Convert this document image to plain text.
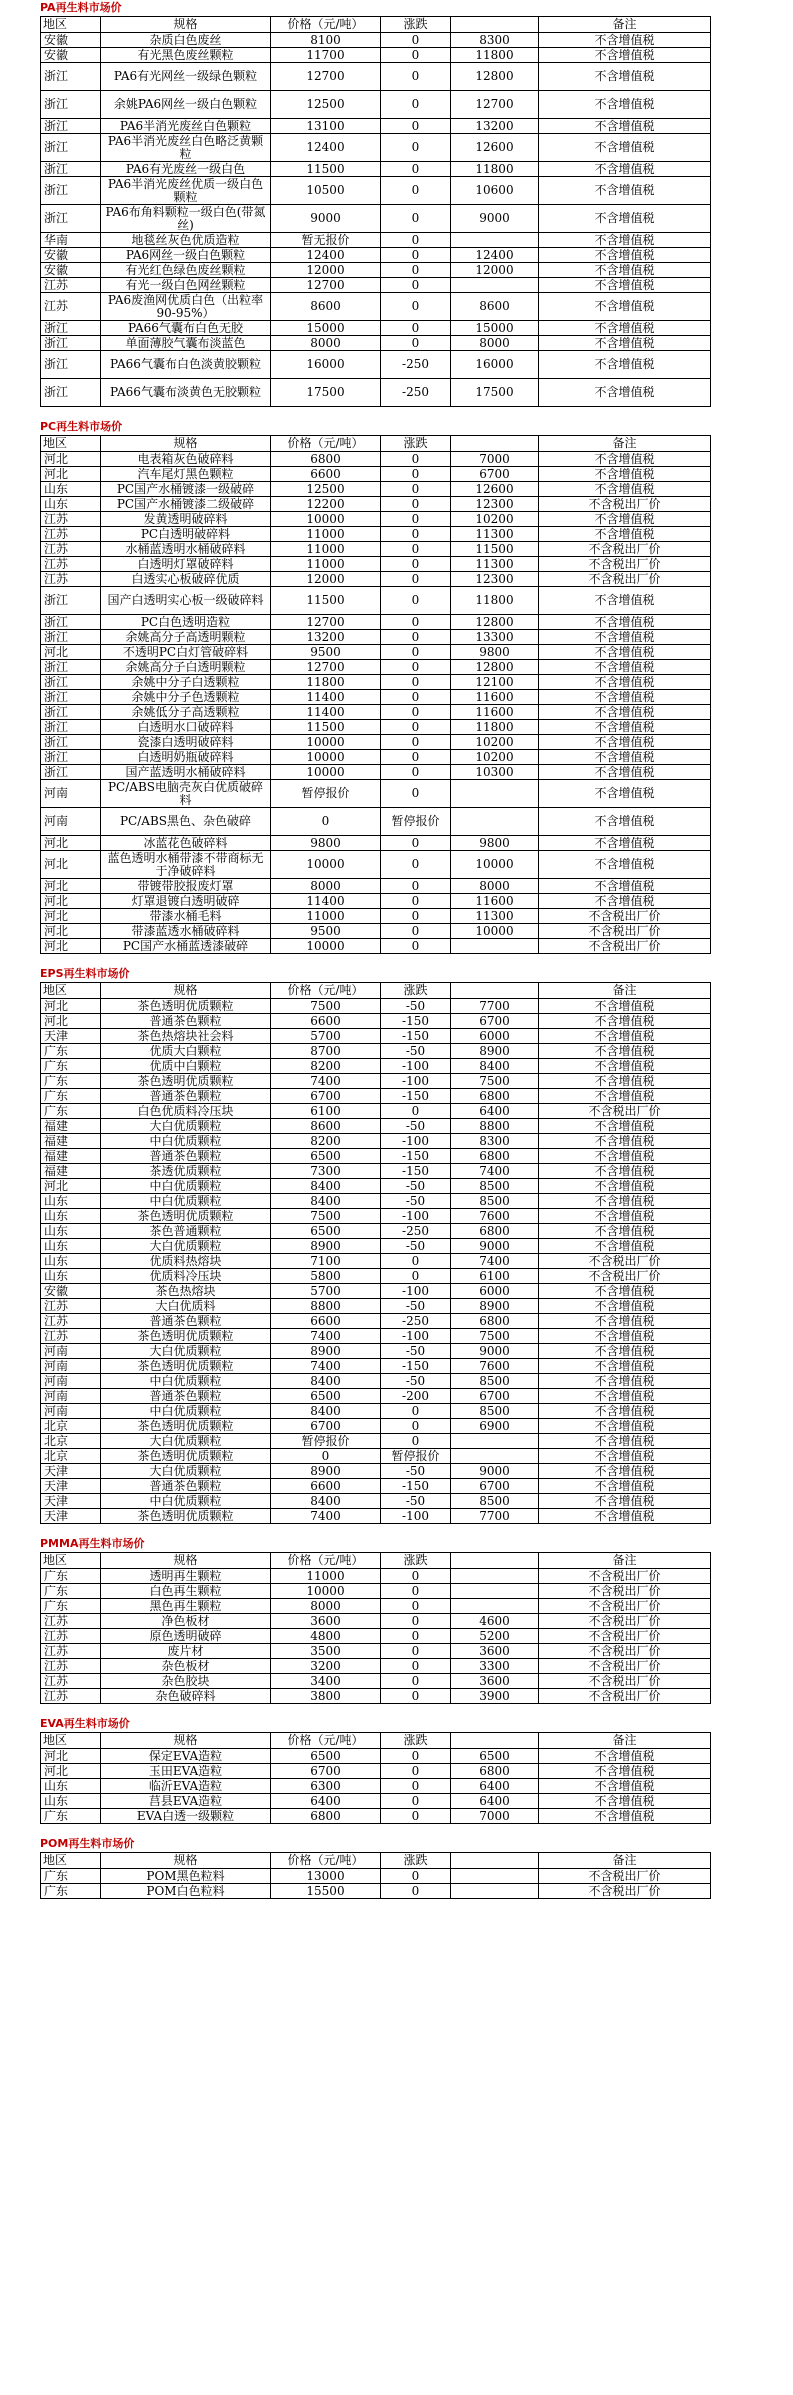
PA再生料市场价
地区	规格	价格（元/吨）	涨跌		备注
安徽	杂质白色废丝	8100	0	8300	不含增值税
安徽	有光黑色废丝颗粒	11700	0	11800	不含增值税
浙江	PA6有光网丝一级绿色颗粒	12700	0	12800	不含增值税
浙江	余姚PA6网丝一级白色颗粒	12500	0	12700	不含增值税
浙江	PA6半消光废丝白色颗粒	13100	0	13200	不含增值税
浙江	PA6半消光废丝白色略泛黄颗粒	12400	0	12600	不含增值税
浙江	PA6有光废丝一级白色	11500	0	11800	不含增值税
浙江	PA6半消光废丝优质一级白色颗粒	10500	0	10600	不含增值税
浙江	PA6布角料颗粒一级白色(带氮丝)	9000	0	9000	不含增值税
华南	地毯丝灰色优质造粒	暂无报价	0		不含增值税
安徽	PA6网丝一级白色颗粒	12400	0	12400	不含增值税
安徽	有光红色绿色废丝颗粒	12000	0	12000	不含增值税
江苏	有光一级白色网丝颗粒	12700	0		不含增值税
江苏	PA6废渔网优质白色（出粒率90-95%）	8600	0	8600	不含增值税
浙江	PA66气囊布白色无胶	15000	0	15000	不含增值税
浙江	单面薄胶气囊布淡蓝色	8000	0	8000	不含增值税
浙江	PA66气囊布白色淡黄胶颗粒	16000	-250	16000	不含增值税
浙江	PA66气囊布淡黄色无胶颗粒	17500	-250	17500	不含增值税
PC再生料市场价
地区	规格	价格（元/吨）	涨跌		备注
河北	电表箱灰色破碎料	6800	0	7000	不含增值税
河北	汽车尾灯黑色颗粒	6600	0	6700	不含增值税
山东	PC国产水桶镀漆一级破碎	12500	0	12600	不含增值税
山东	PC国产水桶镀漆二级破碎	12200	0	12300	不含税出厂价
江苏	发黄透明破碎料	10000	0	10200	不含增值税
江苏	PC白透明破碎料	11000	0	11300	不含增值税
江苏	水桶蓝透明水桶破碎料	11000	0	11500	不含税出厂价
江苏	白透明灯罩破碎料	11000	0	11300	不含税出厂价
江苏	白透实心板破碎优质	12000	0	12300	不含税出厂价
浙江	国产白透明实心板一级破碎料	11500	0	11800	不含增值税
浙江	PC白色透明造粒	12700	0	12800	不含增值税
浙江	余姚高分子高透明颗粒	13200	0	13300	不含增值税
河北	不透明PC白灯管破碎料	9500	0	9800	不含增值税
浙江	余姚高分子白透明颗粒	12700	0	12800	不含增值税
浙江	余姚中分子白透颗粒	11800	0	12100	不含增值税
浙江	余姚中分子色透颗粒	11400	0	11600	不含增值税
浙江	余姚低分子高透颗粒	11400	0	11600	不含增值税
浙江	白透明水口破碎料	11500	0	11800	不含增值税
浙江	瓷漆白透明破碎料	10000	0	10200	不含增值税
浙江	白透明奶瓶破碎料	10000	0	10200	不含增值税
浙江	国产蓝透明水桶破碎料	10000	0	10300	不含增值税
河南	PC/ABS电脑壳灰白优质破碎料	暂停报价	0		不含增值税
河南	PC/ABS黑色、杂色破碎	0	暂停报价		不含增值税
河北	冰蓝花色破碎料	9800	0	9800	不含增值税
河北	蓝色透明水桶带漆不带商标无于净破碎料	10000	0	10000	不含增值税
河北	带镀带胶报废灯罩	8000	0	8000	不含增值税
河北	灯罩退镀白透明破碎	11400	0	11600	不含增值税
河北	带漆水桶毛料	11000	0	11300	不含税出厂价
河北	带漆蓝透水桶破碎料	9500	0	10000	不含税出厂价
河北	PC国产水桶蓝透漆破碎	10000	0		不含税出厂价
EPS再生料市场价
地区	规格	价格（元/吨）	涨跌		备注
河北	茶色透明优质颗粒	7500	-50	7700	不含增值税
河北	普通茶色颗粒	6600	-150	6700	不含增值税
天津	茶色热熔块社会料	5700	-150	6000	不含增值税
广东	优质大白颗粒	8700	-50	8900	不含增值税
广东	优质中白颗粒	8200	-100	8400	不含增值税
广东	茶色透明优质颗粒	7400	-100	7500	不含增值税
广东	普通茶色颗粒	6700	-150	6800	不含增值税
广东	白色优质料冷压块	6100	0	6400	不含税出厂价
福建	大白优质颗粒	8600	-50	8800	不含增值税
福建	中白优质颗粒	8200	-100	8300	不含增值税
福建	普通茶色颗粒	6500	-150	6800	不含增值税
福建	茶透优质颗粒	7300	-150	7400	不含增值税
河北	中白优质颗粒	8400	-50	8500	不含增值税
山东	中白优质颗粒	8400	-50	8500	不含增值税
山东	茶色透明优质颗粒	7500	-100	7600	不含增值税
山东	茶色普通颗粒	6500	-250	6800	不含增值税
山东	大白优质颗粒	8900	-50	9000	不含增值税
山东	优质料热熔块	7100	0	7400	不含税出厂价
山东	优质料冷压块	5800	0	6100	不含税出厂价
安徽	茶色热熔块	5700	-100	6000	不含增值税
江苏	大白优质料	8800	-50	8900	不含增值税
江苏	普通茶色颗粒	6600	-250	6800	不含增值税
江苏	茶色透明优质颗粒	7400	-100	7500	不含增值税
河南	大白优质颗粒	8900	-50	9000	不含增值税
河南	茶色透明优质颗粒	7400	-150	7600	不含增值税
河南	中白优质颗粒	8400	-50	8500	不含增值税
河南	普通茶色颗粒	6500	-200	6700	不含增值税
河南	中白优质颗粒	8400	0	8500	不含增值税
北京	茶色透明优质颗粒	6700	0	6900	不含增值税
北京	大白优质颗粒	暂停报价	0		不含增值税
北京	茶色透明优质颗粒	0	暂停报价		不含增值税
天津	大白优质颗粒	8900	-50	9000	不含增值税
天津	普通茶色颗粒	6600	-150	6700	不含增值税
天津	中白优质颗粒	8400	-50	8500	不含增值税
天津	茶色透明优质颗粒	7400	-100	7700	不含增值税
PMMA再生料市场价
地区	规格	价格（元/吨）	涨跌		备注
广东	透明再生颗粒	11000	0		不含税出厂价
广东	白色再生颗粒	10000	0		不含税出厂价
广东	黑色再生颗粒	8000	0		不含税出厂价
江苏	净色板材	3600	0	4600	不含税出厂价
江苏	原色透明破碎	4800	0	5200	不含税出厂价
江苏	废片材	3500	0	3600	不含税出厂价
江苏	杂色板材	3200	0	3300	不含税出厂价
江苏	杂色胶块	3400	0	3600	不含税出厂价
江苏	杂色破碎料	3800	0	3900	不含税出厂价
EVA再生料市场价
地区	规格	价格（元/吨）	涨跌		备注
河北	保定EVA造粒	6500	0	6500	不含增值税
河北	玉田EVA造粒	6700	0	6800	不含增值税
山东	临沂EVA造粒	6300	0	6400	不含增值税
山东	莒县EVA造粒	6400	0	6400	不含增值税
广东	EVA白透一级颗粒	6800	0	7000	不含增值税
POM再生料市场价
地区	规格	价格（元/吨）	涨跌		备注
广东	POM黑色粒料	13000	0		不含税出厂价
广东	POM白色粒料	15500	0		不含税出厂价
